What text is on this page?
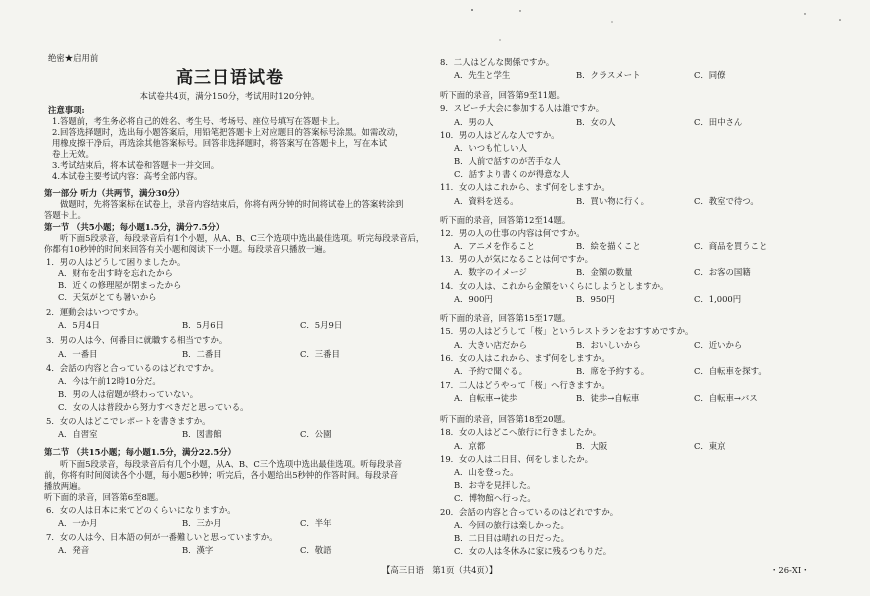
绝密★启用前
高三日语试卷
本试卷共4页，满分150分，考试用时120分钟。
注意事项:
1.答题前，考生务必将自己的姓名、考生号、考场号、座位号填写在答题卡上。
2.回答选择题时，选出每小题答案后，用铅笔把答题卡上对应题目的答案标号涂黑。如需改动，
用橡皮擦干净后，再选涂其他答案标号。回答非选择题时，将答案写在答题卡上，写在本试
卷上无效。
3.考试结束后，将本试卷和答题卡一并交回。
4.本试卷主要考试内容：高考全部内容。
第一部分 听力（共两节，满分30分）
做题时，先将答案标在试卷上，录音内容结束后，你将有两分钟的时间将试卷上的答案转涂到
答题卡上。
第一节 （共5小题；每小题1.5分，满分7.5分）
听下面5段录音，每段录音后有1个小题，从A、B、C三个选项中选出最佳选项。听完每段录音后，
你都有10秒钟的时间来回答有关小题和阅读下一小题。每段录音只播放一遍。
1．男の人はどうして困りましたか。
A．财布を出す時を忘れたから
B．近くの修理屋が閉まったから
C．天気がとても暑いから
2．運動会はいつですか。
A．5月4日	B．5月6日	C．5月9日
3．男の人は今、何番目に就職する相当ですか。
A．一番目	B．二番目	C．三番目
4．会話の内容と合っているのはどれですか。
A．今は午前12時10分だ。
B．男の人は宿題が終わっていない。
C．女の人は普段から努力すべきだと思っている。
5．女の人はどこでレポートを書きますか。
A．自習室	B．図書館	C．公園
第二节 （共15小题；每小题1.5分，满分22.5分）
听下面5段录音，每段录音后有几个小题，从A、B、C三个选项中选出最佳选项。听每段录音
前，你将有时间阅读各个小题，每小题5秒钟；听完后，各小题给出5秒钟的作答时间。每段录音
播放两遍。
听下面的录音，回答第6至8题。
6．女の人は日本に来てどのくらいになりますか。
A．一か月	B．三か月	C．半年
7．女の人は今、日本語の何が一番難しいと思っていますか。
A．発音	B．漢字	C．敬語
8．二人はどんな関係ですか。
A．先生と学生	B．クラスメート	C．同僚
听下面的录音，回答第9至11题。
9．スピーチ大会に参加する人は誰ですか。
A．男の人	B．女の人	C．田中さん
10．男の人はどんな人ですか。
A．いつも忙しい人
B．人前で話すのが苦手な人
C．話すより書くのが得意な人
11．女の人はこれから、まず何をしますか。
A．資料を送る。	B．買い物に行く。	C．教室で待つ。
听下面的录音，回答第12至14题。
12．男の人の仕事の内容は何ですか。
A．アニメを作ること	B．絵を描くこと	C．商品を買うこと
13．男の人が気になることは何ですか。
A．数字のイメージ	B．金額の数量	C．お客の国籍
14．女の人は、これから金額をいくらにしようとしますか。
A．900円	B．950円	C．1,000円
听下面的录音，回答第15至17题。
15．男の人はどうして「桜」というレストランをおすすめですか。
A．大きい店だから	B．おいしいから	C．近いから
16．女の人はこれから、まず何をしますか。
A．予約で聞ぐる。	B．席を予約する。	C．自転車を探す。
17．二人はどうやって「桜」へ行きますか。
A．自転車→徒歩	B．徒歩→自転車	C．自転車→バス
听下面的录音，回答第18至20题。
18．女の人はどこへ旅行に行きましたか。
A．京都	B．大阪	C．東京
19．女の人は二日目、何をしましたか。
A．山を登った。
B．お寺を見拝した。
C．博物館へ行った。
20．会話の内容と合っているのはどれですか。
A．今回の旅行は楽しかった。
B．二日目は晴れの日だった。
C．女の人は冬休みに家に残るつもりだ。
【高三日语　第1页（共4页）】	・26-XI・
